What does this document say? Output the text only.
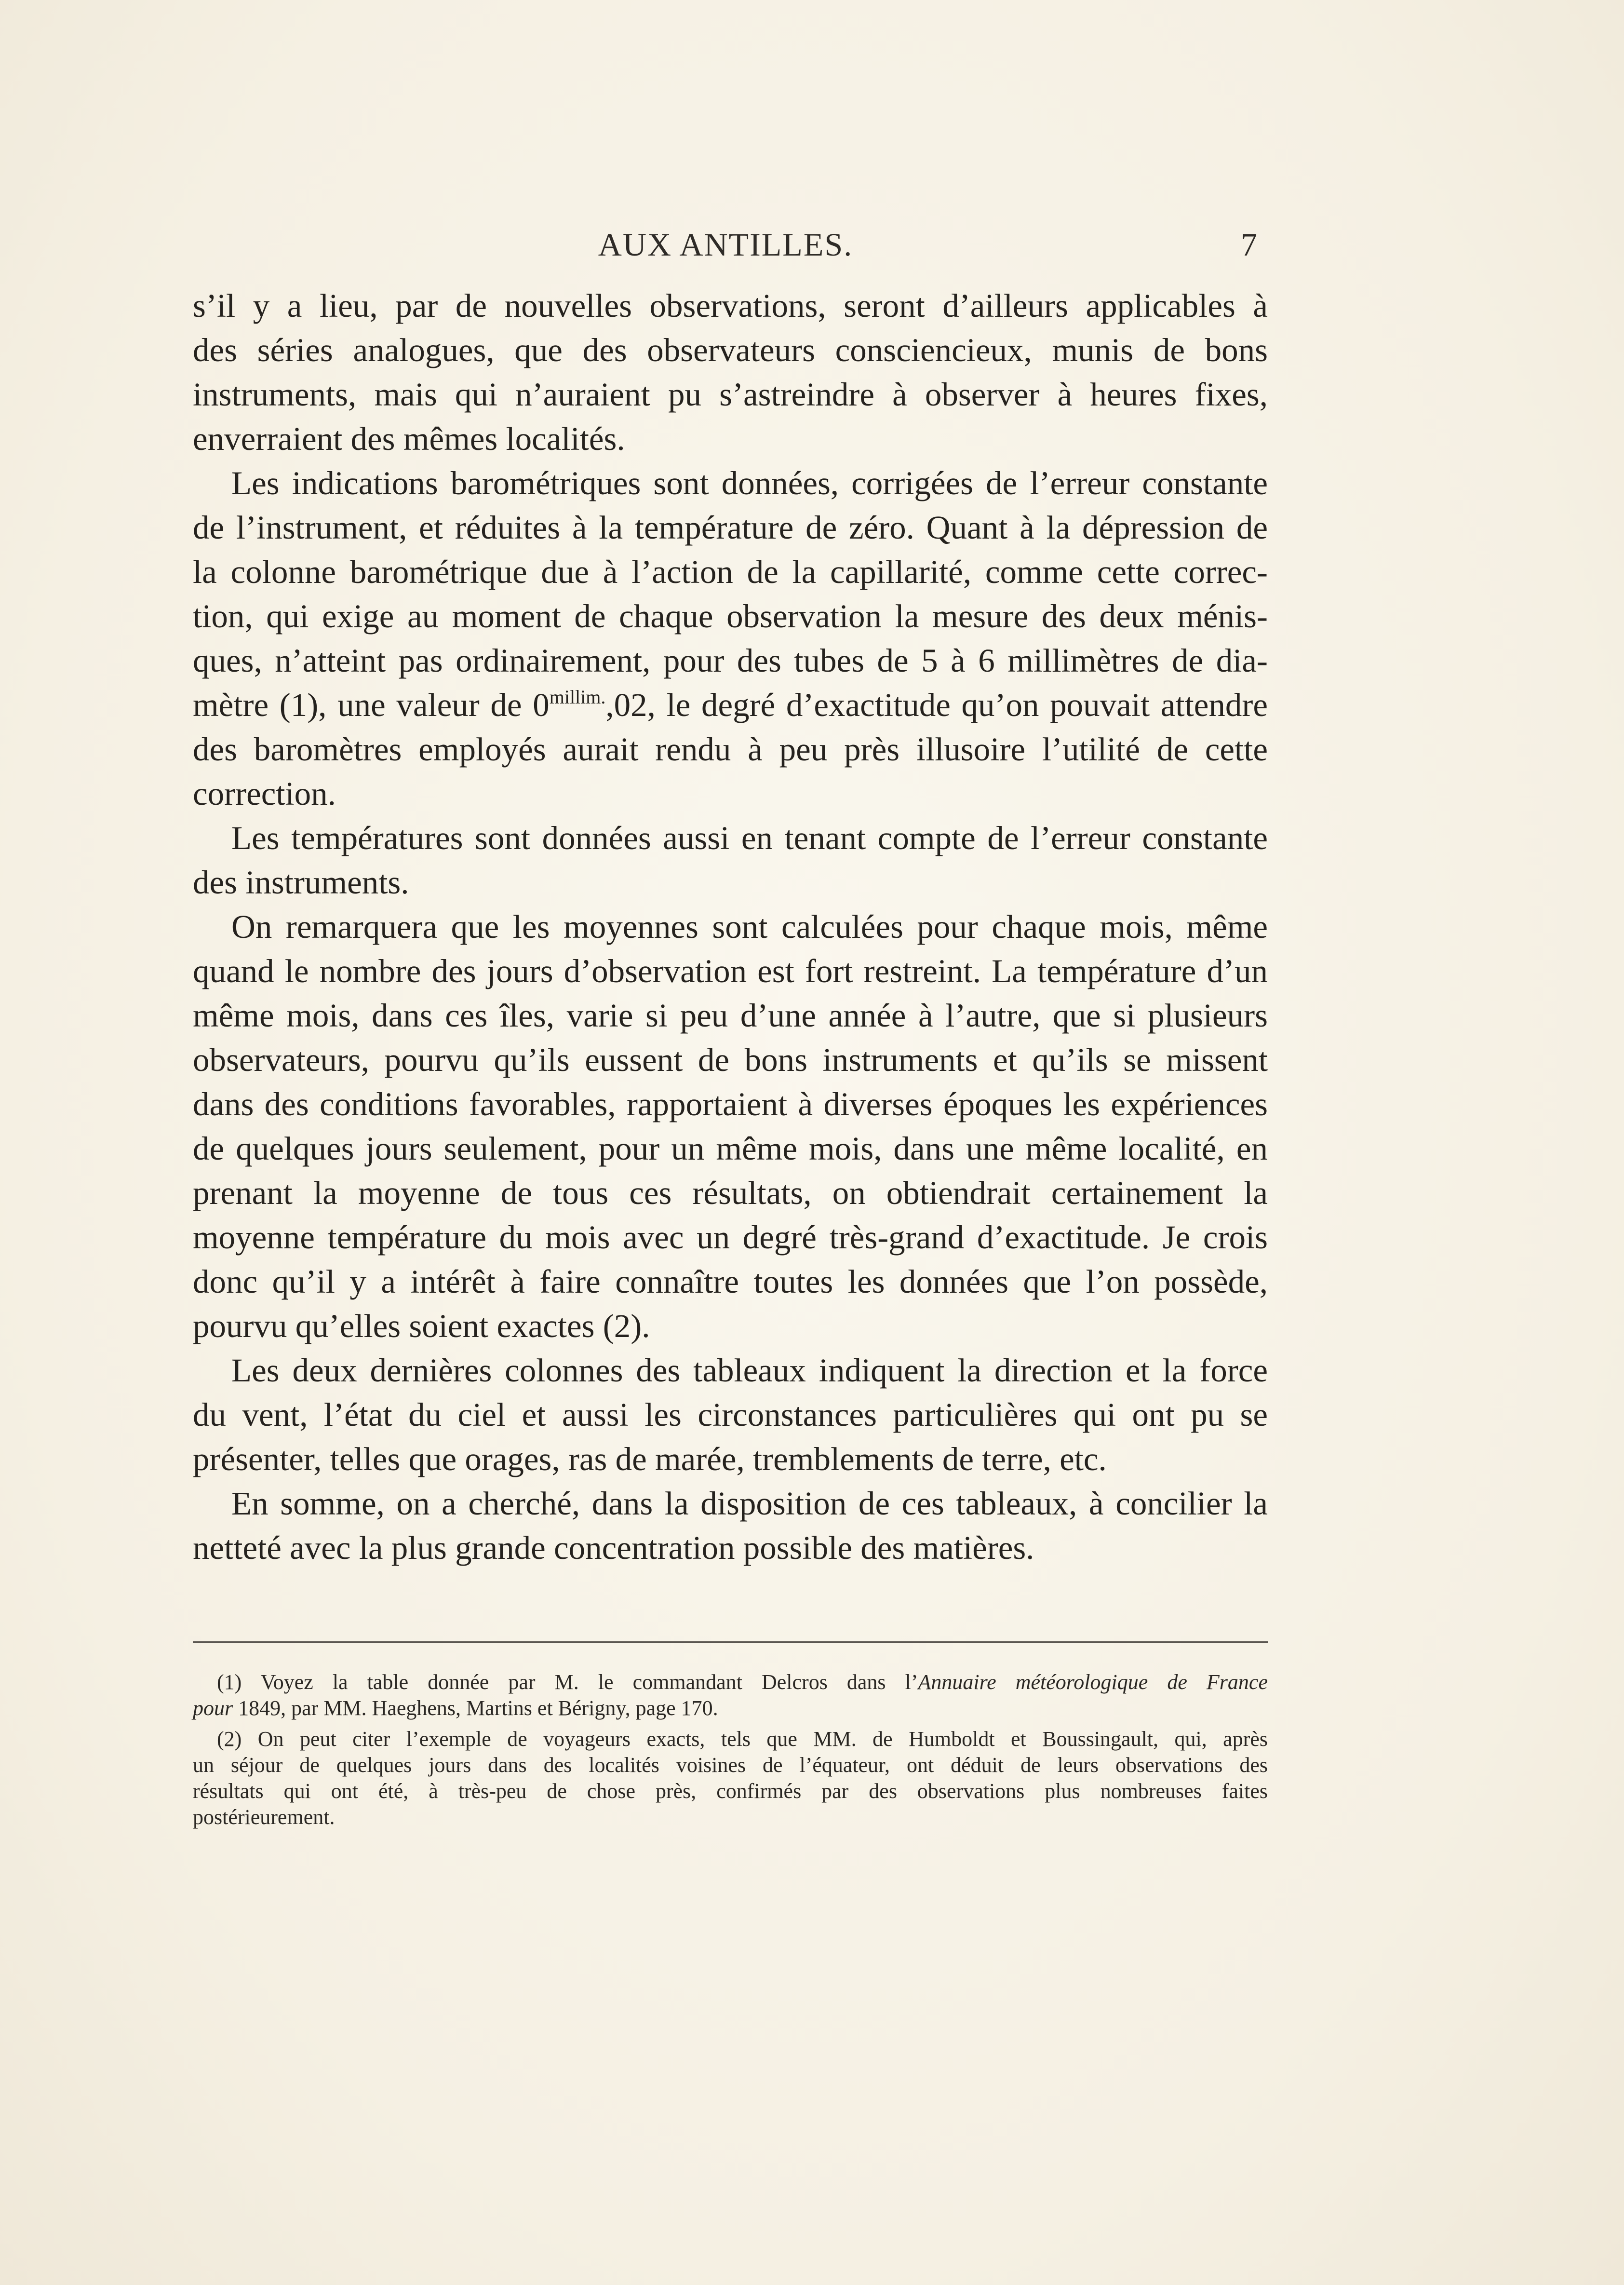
AUX ANTILLES.	7

s’il y a lieu, par de nouvelles observations, seront d’ailleurs applicables à
des séries analogues, que des observateurs consciencieux, munis de bons
instruments, mais qui n’auraient pu s’astreindre à observer à heures fixes,
enverraient des mêmes localités.

Les indications barométriques sont données, corrigées de l’erreur constante
de l’instrument, et réduites à la température de zéro. Quant à la dépression de
la colonne barométrique due à l’action de la capillarité, comme cette correc-
tion, qui exige au moment de chaque observation la mesure des deux ménis-
ques, n’atteint pas ordinairement, pour des tubes de 5 à 6 millimètres de dia-
mètre (1), une valeur de $0^{millim.},02$, le degré d’exactitude qu’on pouvait attendre
des baromètres employés aurait rendu à peu près illusoire l’utilité de cette
correction.

Les températures sont données aussi en tenant compte de l’erreur constante
des instruments.

On remarquera que les moyennes sont calculées pour chaque mois, même
quand le nombre des jours d’observation est fort restreint. La température d’un
même mois, dans ces îles, varie si peu d’une année à l’autre, que si plusieurs
observateurs, pourvu qu’ils eussent de bons instruments et qu’ils se missent
dans des conditions favorables, rapportaient à diverses époques les expériences
de quelques jours seulement, pour un même mois, dans une même localité, en
prenant la moyenne de tous ces résultats, on obtiendrait certainement la
moyenne température du mois avec un degré très-grand d’exactitude. Je crois
donc qu’il y a intérêt à faire connaître toutes les données que l’on possède,
pourvu qu’elles soient exactes (2).

Les deux dernières colonnes des tableaux indiquent la direction et la force
du vent, l’état du ciel et aussi les circonstances particulières qui ont pu se
présenter, telles que orages, ras de marée, tremblements de terre, etc.

En somme, on a cherché, dans la disposition de ces tableaux, à concilier la
netteté avec la plus grande concentration possible des matières.

(1) Voyez la table donnée par M. le commandant Delcros dans l’Annuaire météorologique de France
pour 1849, par MM. Haeghens, Martins et Bérigny, page 170.
(2) On peut citer l’exemple de voyageurs exacts, tels que MM. de Humboldt et Boussingault, qui, après
un séjour de quelques jours dans des localités voisines de l’équateur, ont déduit de leurs observations des
résultats qui ont été, à très-peu de chose près, confirmés par des observations plus nombreuses faites
postérieurement.
